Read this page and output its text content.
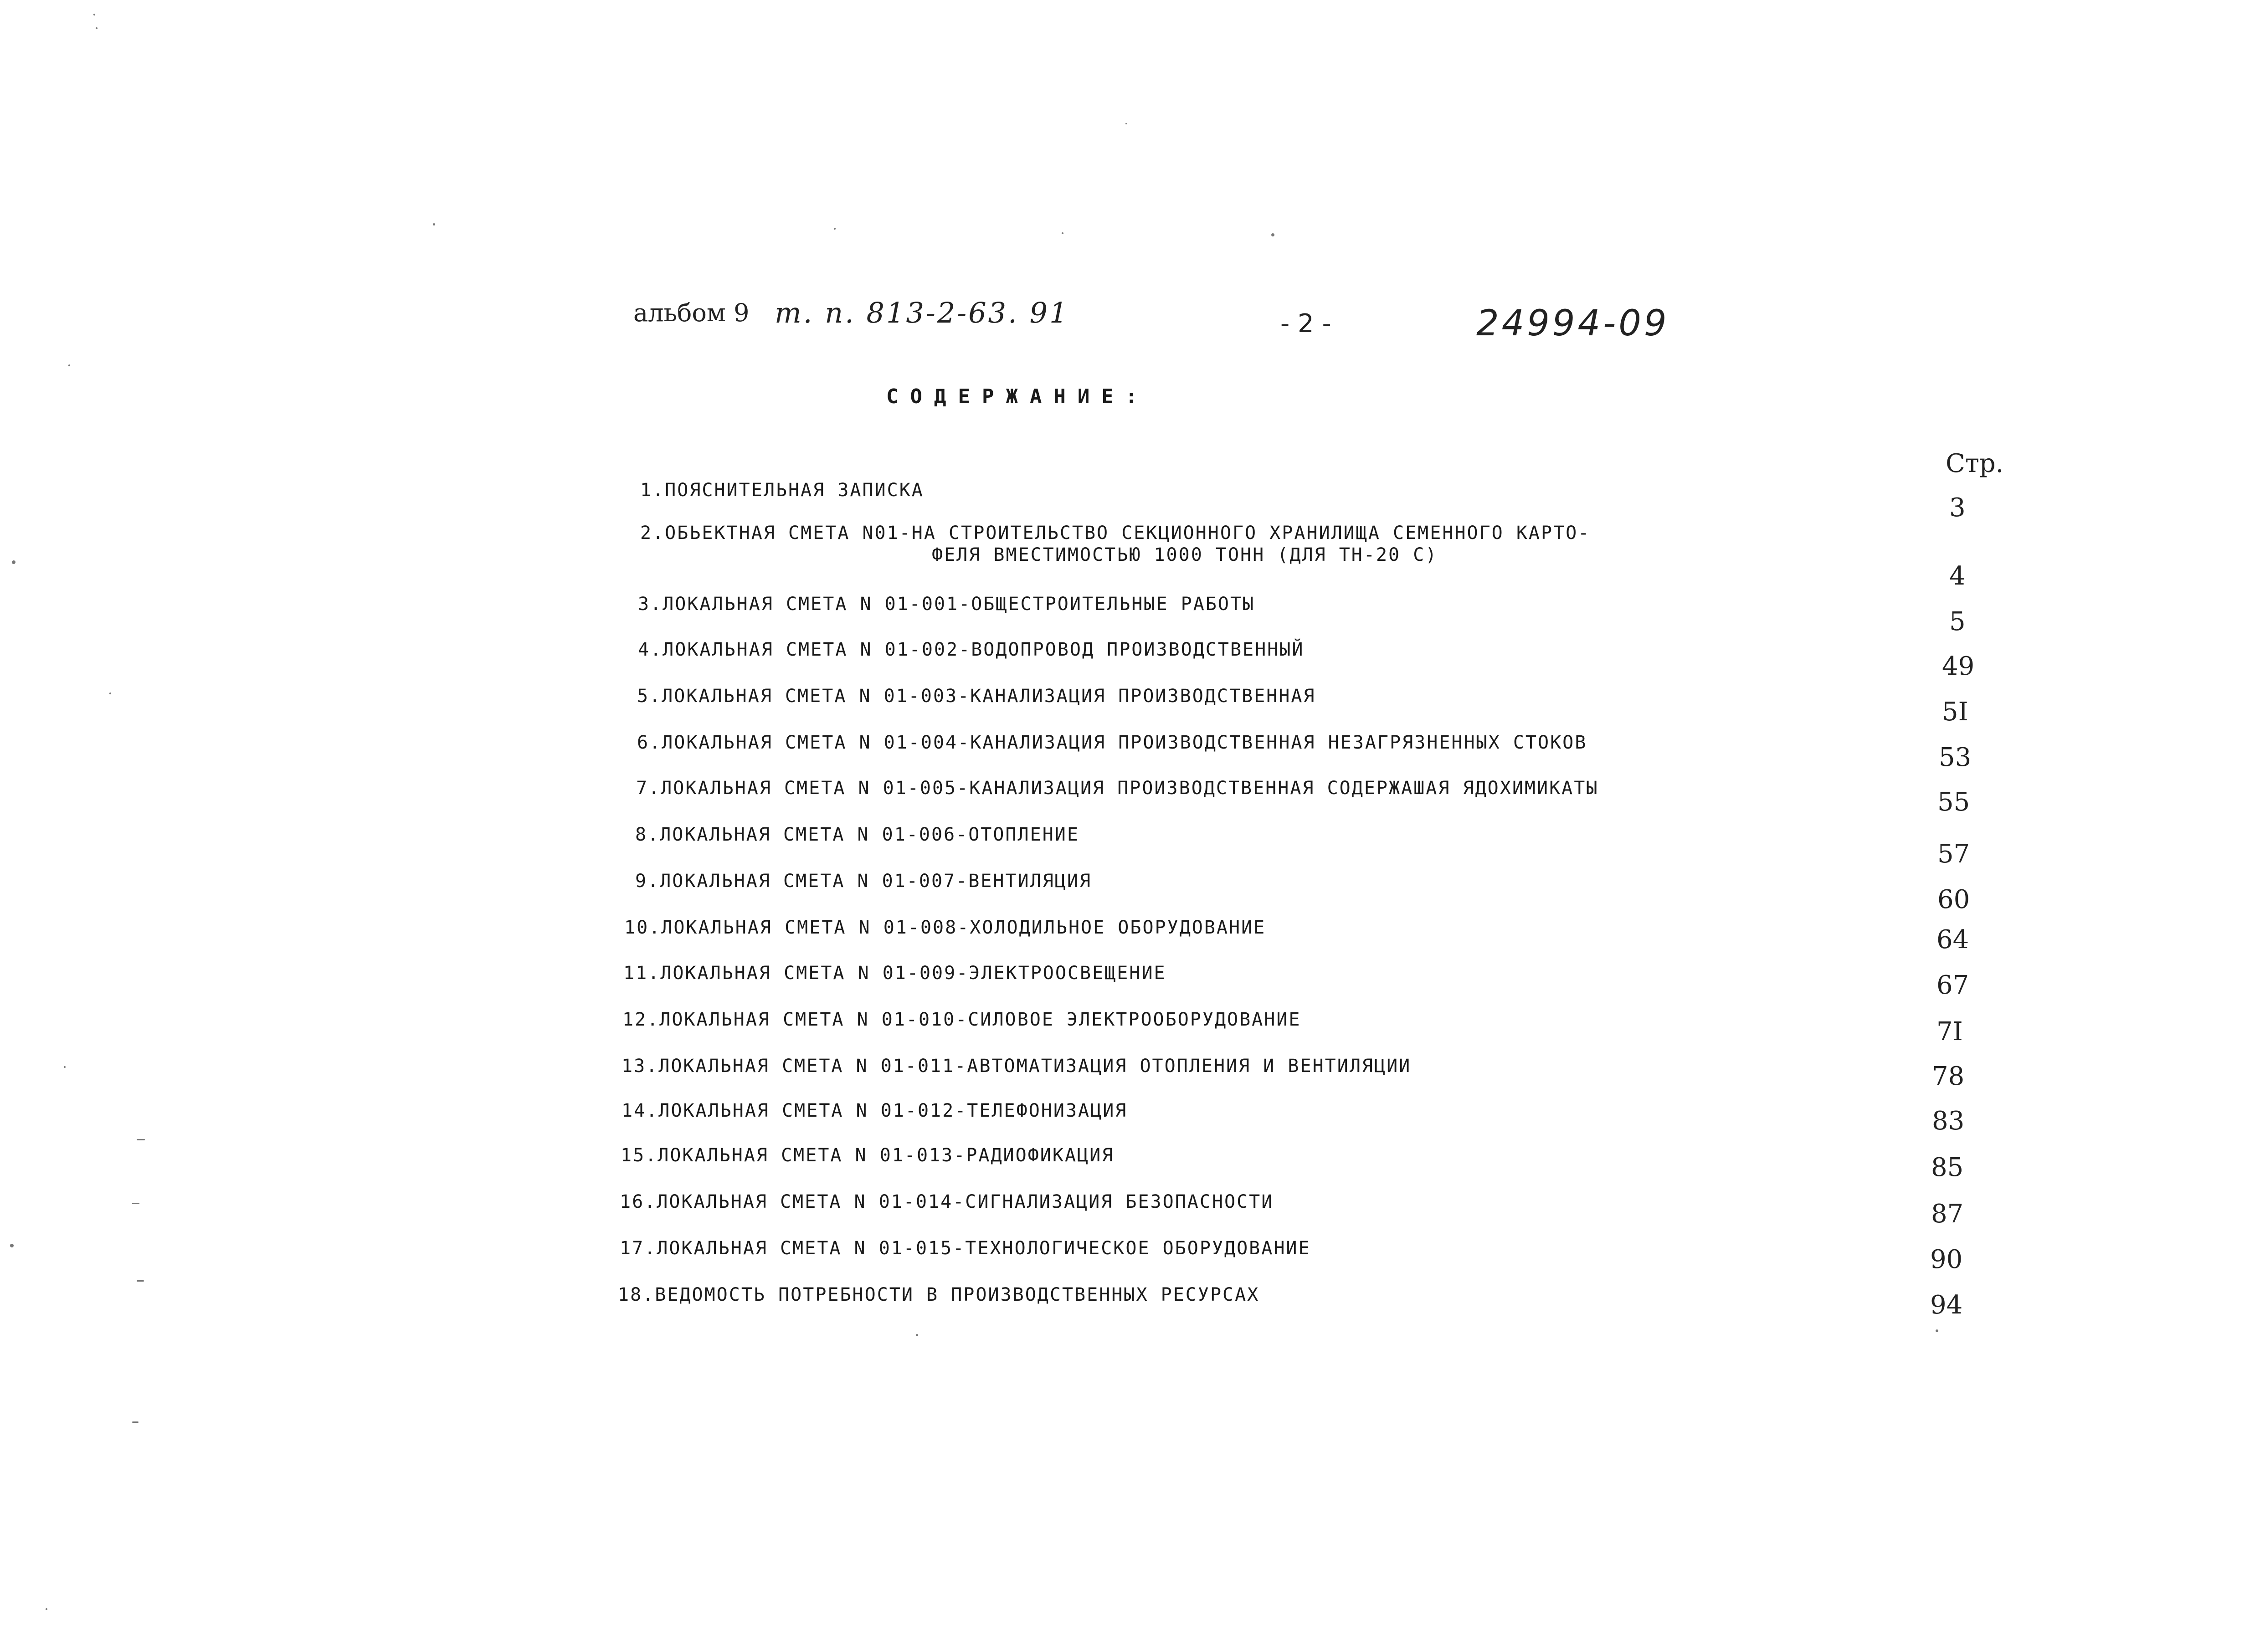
альбом 9 т. п. 813-2-63. 91	- 2 -	24994-09
СОДЕРЖАНИЕ:
Стр.
1.ПОЯСНИТЕЛЬНАЯ ЗАПИСКА
3
2.ОБЬЕКТНАЯ СМЕТА N01-НА СТРОИТЕЛЬСТВО СЕКЦИОННОГО ХРАНИЛИЩА СЕМЕННОГО КАРТО-
ФЕЛЯ ВМЕСТИМОСТЬЮ 1000 ТОНН (ДЛЯ ТН-20 С)
4
3.ЛОКАЛЬНАЯ СМЕТА N 01-001-ОБЩЕСТРОИТЕЛЬНЫЕ РАБОТЫ
5
4.ЛОКАЛЬНАЯ СМЕТА N 01-002-ВОДОПРОВОД ПРОИЗВОДСТВЕННЫЙ
49
5.ЛОКАЛЬНАЯ СМЕТА N 01-003-КАНАЛИЗАЦИЯ ПРОИЗВОДСТВЕННАЯ
5I
6.ЛОКАЛЬНАЯ СМЕТА N 01-004-КАНАЛИЗАЦИЯ ПРОИЗВОДСТВЕННАЯ НЕЗАГРЯЗНЕННЫХ СТОКОВ	53
7.ЛОКАЛЬНАЯ СМЕТА N 01-005-КАНАЛИЗАЦИЯ ПРОИЗВОДСТВЕННАЯ СОДЕРЖАШАЯ ЯДОХИМИКАТЫ	55
8.ЛОКАЛЬНАЯ СМЕТА N 01-006-ОТОПЛЕНИЕ
57
9.ЛОКАЛЬНАЯ СМЕТА N 01-007-ВЕНТИЛЯЦИЯ
60
10.ЛОКАЛЬНАЯ СМЕТА N 01-008-ХОЛОДИЛЬНОЕ ОБОРУДОВАНИЕ	64
11.ЛОКАЛЬНАЯ СМЕТА N 01-009-ЭЛЕКТРООСВЕЩЕНИЕ	67
12.ЛОКАЛЬНАЯ СМЕТА N 01-010-СИЛОВОЕ ЭЛЕКТРООБОРУДОВАНИЕ	7I
13.ЛОКАЛЬНАЯ СМЕТА N 01-011-АВТОМАТИЗАЦИЯ ОТОПЛЕНИЯ И ВЕНТИЛЯЦИИ	78
14.ЛОКАЛЬНАЯ СМЕТА N 01-012-ТЕЛЕФОНИЗАЦИЯ	83
15.ЛОКАЛЬНАЯ СМЕТА N 01-013-РАДИОФИКАЦИЯ	85
16.ЛОКАЛЬНАЯ СМЕТА N 01-014-СИГНАЛИЗАЦИЯ БЕЗОПАСНОСТИ	87
17.ЛОКАЛЬНАЯ СМЕТА N 01-015-ТЕХНОЛОГИЧЕСКОЕ ОБОРУДОВАНИЕ	90
18.ВЕДОМОСТЬ ПОТРЕБНОСТИ В ПРОИЗВОДСТВЕННЫХ РЕСУРСАХ	94
